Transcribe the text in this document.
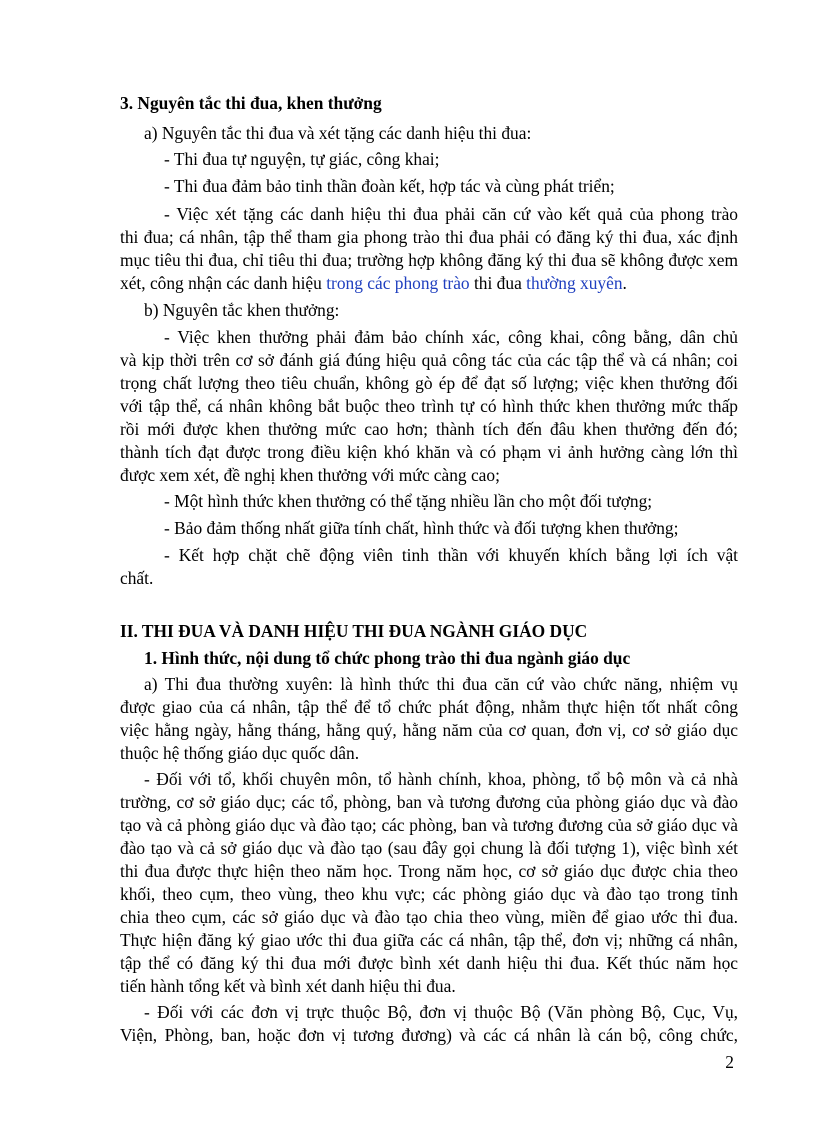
3. Nguyên tắc thi đua, khen thưởng
a) Nguyên tắc thi đua và xét tặng các danh hiệu thi đua:
- Thi đua tự nguyện, tự giác, công khai;
- Thi đua đảm bảo tinh thần đoàn kết, hợp tác và cùng phát triển;
- Việc xét tặng các danh hiệu thi đua phải căn cứ vào kết quả của phong trào
thi đua; cá nhân, tập thể tham gia phong trào thi đua phải có đăng ký thi đua, xác định
mục tiêu thi đua, chỉ tiêu thi đua; trường hợp không đăng ký thi đua sẽ không được xem
xét, công nhận các danh hiệu trong các phong trào thi đua thường xuyên.
b) Nguyên tắc khen thưởng:
- Việc khen thưởng phải đảm bảo chính xác, công khai, công bằng, dân chủ
và kịp thời trên cơ sở đánh giá đúng hiệu quả công tác của các tập thể và cá nhân; coi
trọng chất lượng theo tiêu chuẩn, không gò ép để đạt số lượng; việc khen thưởng đối
với tập thể, cá nhân không bắt buộc theo trình tự có hình thức khen thưởng mức thấp
rồi mới được khen thưởng mức cao hơn; thành tích đến đâu khen thưởng đến đó;
thành tích đạt được trong điều kiện khó khăn và có phạm vi ảnh hưởng càng lớn thì
được xem xét, đề nghị khen thưởng với mức càng cao;
- Một hình thức khen thưởng có thể tặng nhiều lần cho một đối tượng;
- Bảo đảm thống nhất giữa tính chất, hình thức và đối tượng khen thưởng;
- Kết hợp chặt chẽ động viên tinh thần với khuyến khích bằng lợi ích vật
chất.
II. THI ĐUA VÀ DANH HIỆU THI ĐUA NGÀNH GIÁO DỤC
1. Hình thức, nội dung tổ chức phong trào thi đua ngành giáo dục
a) Thi đua thường xuyên: là hình thức thi đua căn cứ vào chức năng, nhiệm vụ
được giao của cá nhân, tập thể để tổ chức phát động, nhằm thực hiện tốt nhất công
việc hằng ngày, hằng tháng, hằng quý, hằng năm của cơ quan, đơn vị, cơ sở giáo dục
thuộc hệ thống giáo dục quốc dân.
- Đối với tổ, khối chuyên môn, tổ hành chính, khoa, phòng, tổ bộ môn và cả nhà
trường, cơ sở giáo dục; các tổ, phòng, ban và tương đương của phòng giáo dục và đào
tạo và cả phòng giáo dục và đào tạo; các phòng, ban và tương đương của sở giáo dục và
đào tạo và cả sở giáo dục và đào tạo (sau đây gọi chung là đối tượng 1), việc bình xét
thi đua được thực hiện theo năm học. Trong năm học, cơ sở giáo dục được chia theo
khối, theo cụm, theo vùng, theo khu vực; các phòng giáo dục và đào tạo trong tỉnh
chia theo cụm, các sở giáo dục và đào tạo chia theo vùng, miền để giao ước thi đua.
Thực hiện đăng ký giao ước thi đua giữa các cá nhân, tập thể, đơn vị; những cá nhân,
tập thể có đăng ký thi đua mới được bình xét danh hiệu thi đua. Kết thúc năm học
tiến hành tổng kết và bình xét danh hiệu thi đua.
- Đối với các đơn vị trực thuộc Bộ, đơn vị thuộc Bộ (Văn phòng Bộ, Cục, Vụ,
Viện, Phòng, ban, hoặc đơn vị tương đương) và các cá nhân là cán bộ, công chức,
2
